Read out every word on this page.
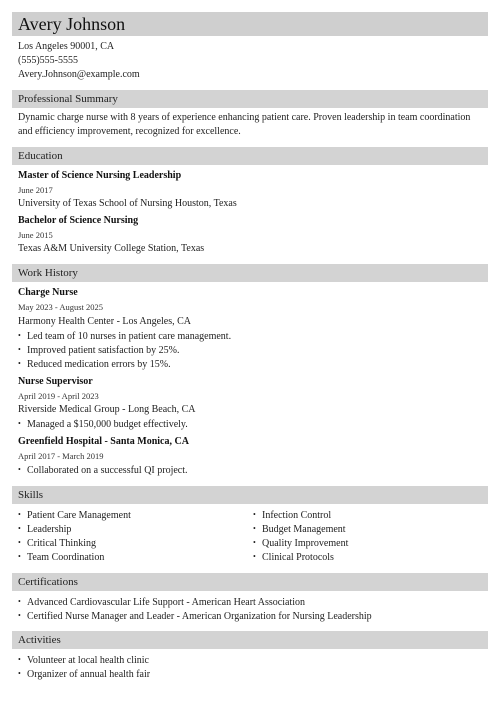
Avery Johnson
Los Angeles 90001, CA
(555)555-5555
Avery.Johnson@example.com
Professional Summary
Dynamic charge nurse with 8 years of experience enhancing patient care. Proven leadership in team coordination and efficiency improvement, recognized for excellence.
Education
Master of Science Nursing Leadership
June 2017
University of Texas School of Nursing Houston, Texas
Bachelor of Science Nursing
June 2015
Texas A&M University College Station, Texas
Work History
Charge Nurse
May 2023 - August 2025
Harmony Health Center - Los Angeles, CA
• Led team of 10 nurses in patient care management.
• Improved patient satisfaction by 25%.
• Reduced medication errors by 15%.
Nurse Supervisor
April 2019 - April 2023
Riverside Medical Group - Long Beach, CA
• Managed a $150,000 budget effectively.
Greenfield Hospital - Santa Monica, CA
April 2017 - March 2019
• Collaborated on a successful QI project.
Skills
• Patient Care Management
• Leadership
• Critical Thinking
• Team Coordination
• Infection Control
• Budget Management
• Quality Improvement
• Clinical Protocols
Certifications
• Advanced Cardiovascular Life Support - American Heart Association
• Certified Nurse Manager and Leader - American Organization for Nursing Leadership
Activities
• Volunteer at local health clinic
• Organizer of annual health fair
